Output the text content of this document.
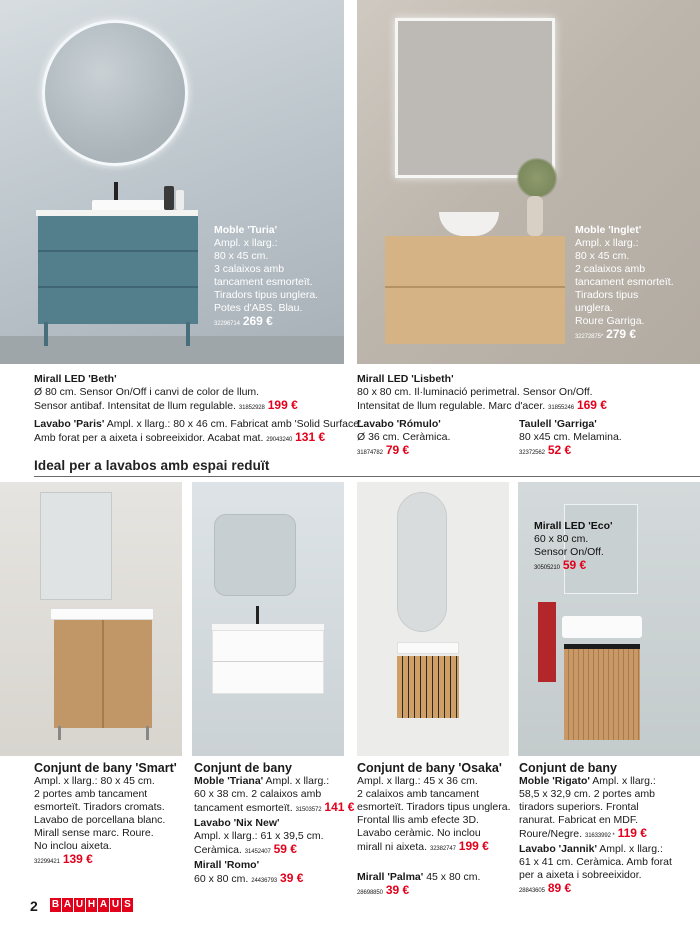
Moble 'Turia'
Ampl. x llarg.:
80 x 45 cm.
3 calaixos amb
tancament esmorteït.
Tiradors tipus unglera.
Potes d'ABS. Blau.
32296714 269 €
Moble 'Inglet'
Ampl. x llarg.:
80 x 45 cm.
2 calaixos amb
tancament esmorteït.
Tiradors tipus
unglera.
Roure Garriga.
32272875* 279 €
Mirall LED 'Beth'
Ø 80 cm. Sensor On/Off i canvi de color de llum.
Sensor antibaf. Intensitat de llum regulable. 31852928 199 €
Lavabo 'Paris' Ampl. x llarg.: 80 x 46 cm. Fabricat amb 'Solid Surface'.
Amb forat per a aixeta i sobreeixidor. Acabat mat. 29043240 131 €
Mirall LED 'Lisbeth'
80 x 80 cm. Il·luminació perimetral. Sensor On/Off.
Intensitat de llum regulable. Marc d'acer. 31855246 169 €
Lavabo 'Rómulo'
Ø 36 cm. Ceràmica.
31874782 79 €
Taulell 'Garriga'
80 x45 cm. Melamina.
32372562 52 €
Ideal per a lavabos amb espai reduït
Mirall LED 'Eco'
60 x 80 cm.
Sensor On/Off.
30505210 59 €
Conjunt de bany 'Smart'
Ampl. x llarg.: 80 x 45 cm.
2 portes amb tancament
esmorteït. Tiradors cromats.
Lavabo de porcellana blanc.
Mirall sense marc. Roure.
No inclou aixeta.
32299421 139 €
Conjunt de bany
Moble 'Triana' Ampl. x llarg.:
60 x 38 cm. 2 calaixos amb
tancament esmorteït. 31503572 141 €
Lavabo 'Nix New'
Ampl. x llarg.: 61 x 39,5 cm.
Ceràmica. 31452407 59 €
Mirall 'Romo'
60 x 80 cm. 24436793 39 €
Conjunt de bany 'Osaka'
Ampl. x llarg.: 45 x 36 cm.
2 calaixos amb tancament
esmorteït. Tiradors tipus unglera.
Frontal llis amb efecte 3D.
Lavabo ceràmic. No inclou
mirall ni aixeta. 32382747 199 €
Mirall 'Palma' 45 x 80 cm.
28698850 39 €
Conjunt de bany
Moble 'Rigato' Ampl. x llarg.:
58,5 x 32,9 cm. 2 portes amb
tiradors superiors. Frontal
ranurat. Fabricat en MDF.
Roure/Negre. 31633992 * 119 €
Lavabo 'Jannik' Ampl. x llarg.:
61 x 41 cm. Ceràmica. Amb forat
per a aixeta i sobreeixidor.
28843605 89 €
2 B A U H A U S
